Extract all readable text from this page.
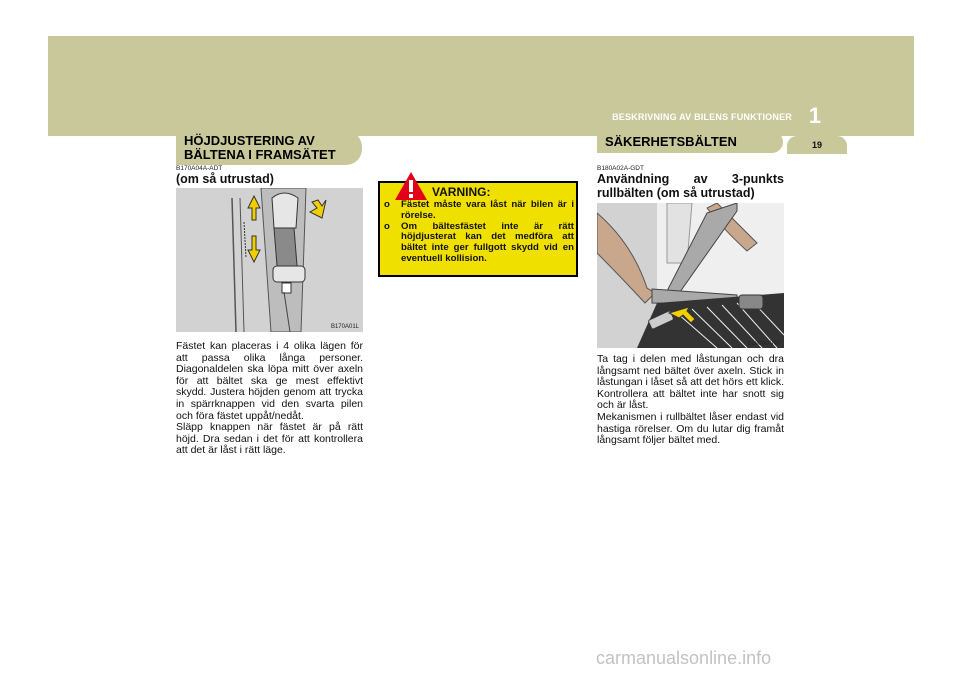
BESKRIVNING AV BILENS FUNKTIONER 1
19
HÖJDJUSTERING AV
BÄLTENA I FRAMSÄTET
B170A04A-ADT
(om så utrustad)
B170A01L

Fästet kan placeras i 4 olika lägen för att passa olika långa personer. Diagonaldelen ska löpa mitt över axeln för att bältet ska ge mest effektivt skydd. Justera höjden genom att trycka in spärrknappen vid den svarta pilen och föra fästet uppåt/nedåt.

Släpp knappen när fästet är på rätt höjd. Dra sedan i det för att kontrollera att det är låst i rätt läge.

VARNING:
o Fästet måste vara låst när bilen är i rörelse.
o Om bältesfästet inte är rätt höjdjusterat kan det medföra att bältet inte ger fullgott skydd vid en eventuell kollision.
SÄKERHETSBÄLTEN
B180A02A-GDT
Användning av 3-punkts
rullbälten (om så utrustad)
B180A01NF

Ta tag i delen med låstungan och dra långsamt ned bältet över axeln. Stick in låstungan i låset så att det hörs ett klick. Kontrollera att bältet inte har snott sig och är låst.

Mekanismen i rullbältet låser endast vid hastiga rörelser. Om du lutar dig framåt långsamt följer bältet med.

carmanualsonline.info
